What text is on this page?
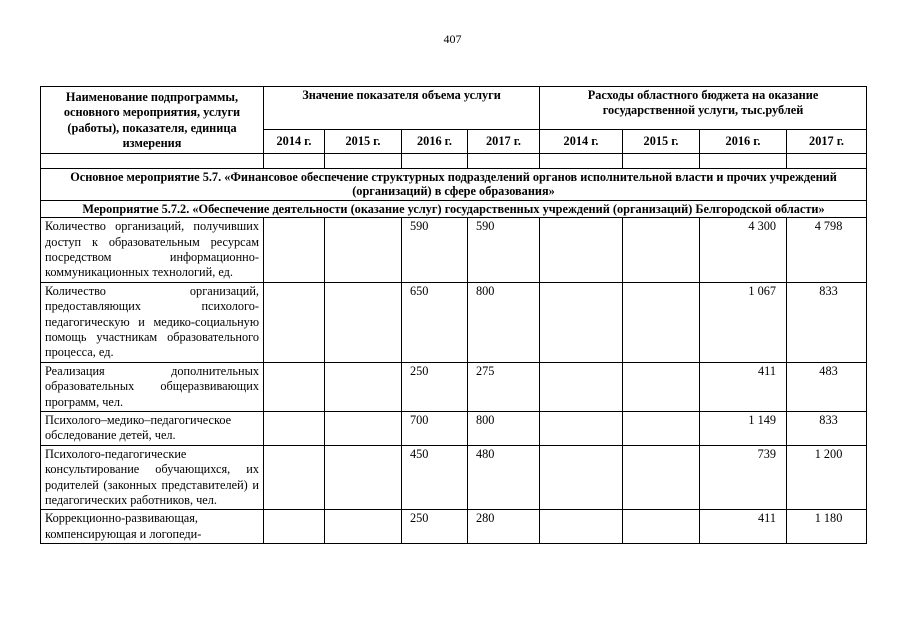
407
Наименование подпрограммы, основного мероприятия, услуги (работы), показателя, единица измерения	Значение показателя объема услуги				Расходы областного бюджета на оказание государственной услуги, тыс.рублей			
	2014 г.	2015 г.	2016 г.	2017 г.	2014 г.	2015 г.	2016 г.	2017 г.

Основное мероприятие 5.7. «Финансовое обеспечение структурных подразделений органов исполнительной власти и прочих учреждений (организаций) в сфере образования»								
Мероприятие 5.7.2. «Обеспечение деятельности (оказание услуг) государственных учреждений (организаций) Белгородской области»								
Количество организаций, получивших доступ к образовательным ресурсам посредством информационно-коммуникационных технологий, ед.			590	590			4 300	4 798
Количество организаций, предоставляющих психолого-педагогическую и медико-социальную помощь участникам образовательного процесса, ед.			650	800			1 067	833
Реализация дополнительных образовательных общеразвивающих программ, чел.			250	275			411	483
Психолого–медико–педагогическое обследование детей, чел.			700	800			1 149	833
Психолого-педагогические консультирование обучающихся, их родителей (законных представителей) и педагогических работников, чел.			450	480			739	1 200
Коррекционно-развивающая, компенсирующая и логопеди-			250	280			411	1 180
